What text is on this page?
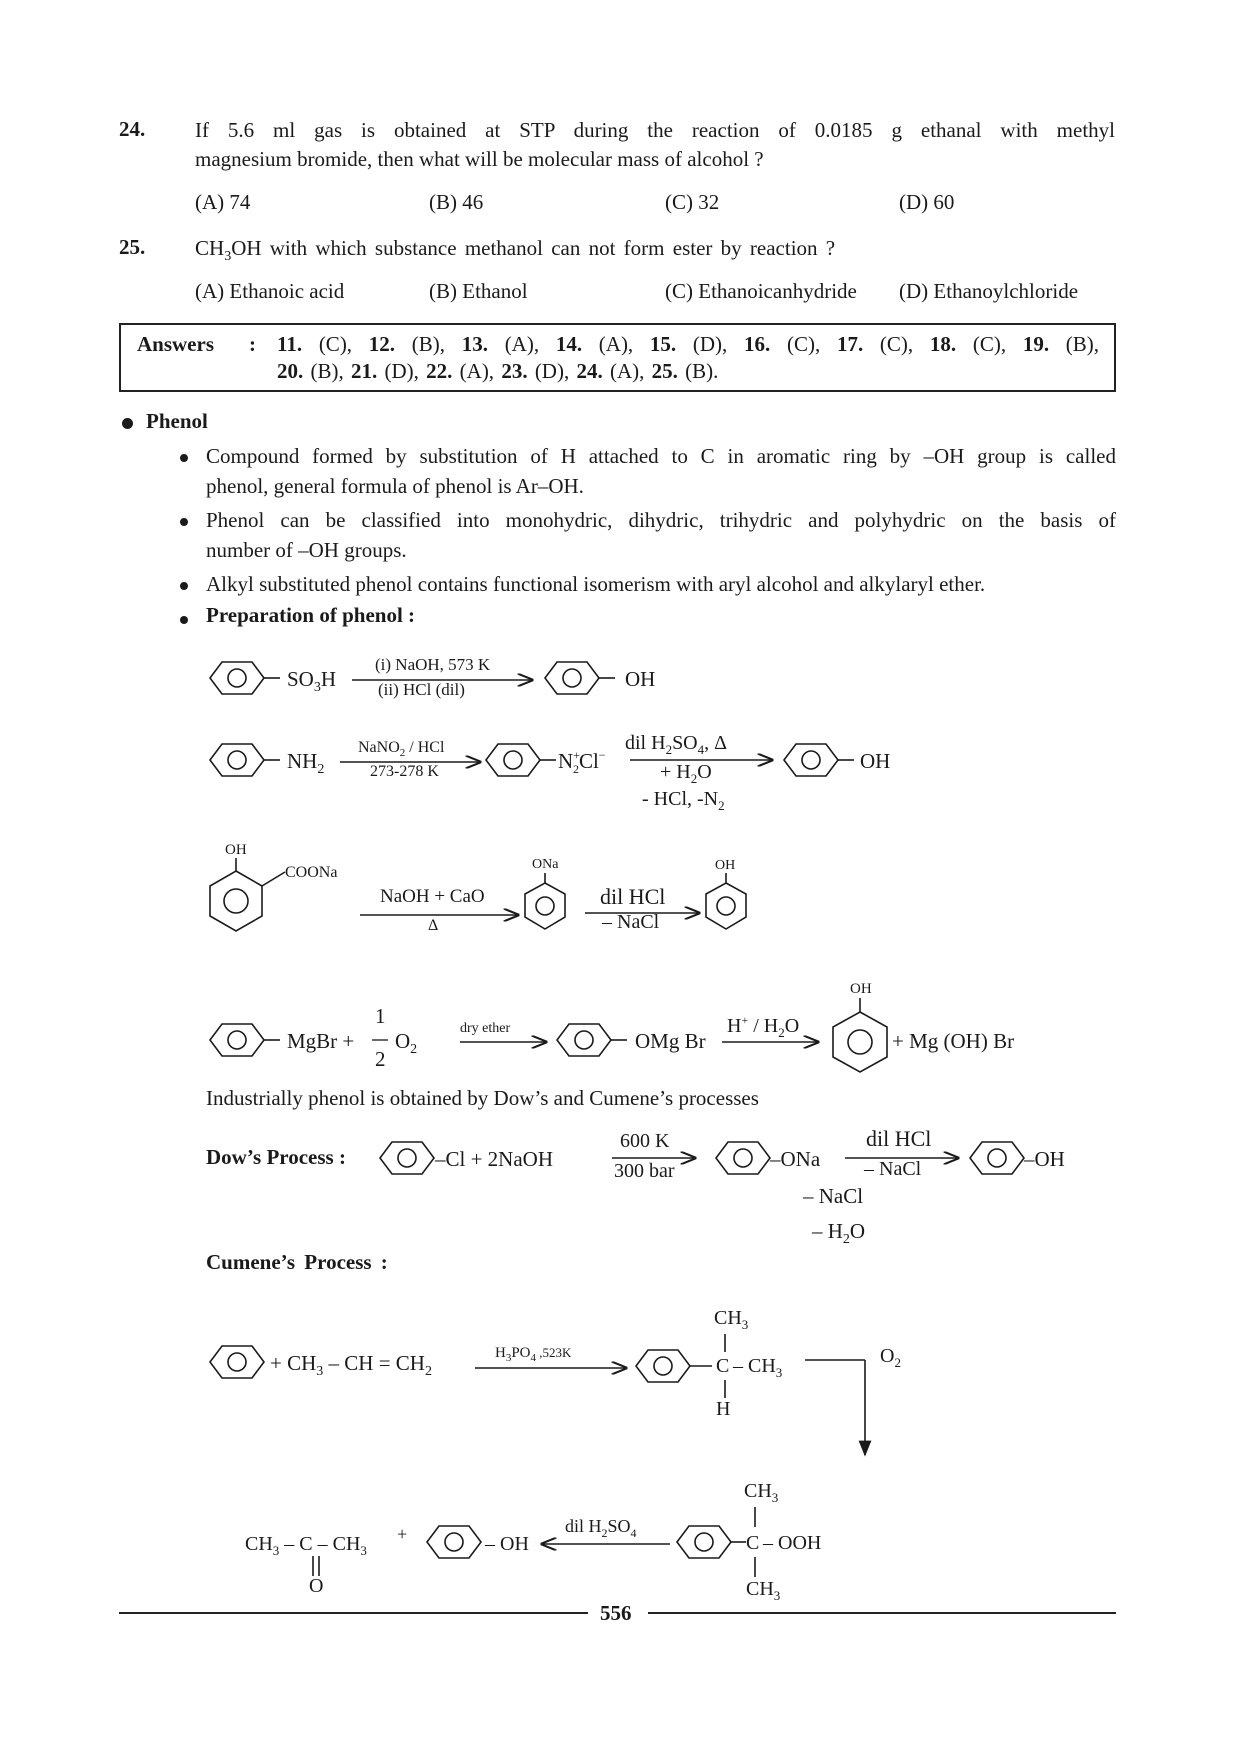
24. If 5.6 ml gas is obtained at STP during the reaction of 0.0185 g ethanal with methyl
magnesium bromide, then what will be molecular mass of alcohol ?
(A) 74	(B) 46	(C) 32	(D) 60
25. $CH_3OH$ with which substance methanol can not form ester by reaction ?
(A) Ethanoic acid	(B) Ethanol	(C) Ethanoicanhydride (D) Ethanoylchloride
Answers : 11. (C), 12. (B), 13. (A), 14. (A), 15. (D), 16. (C), 17. (C), 18. (C), 19. (B),
20. (B), 21. (D), 22. (A), 23. (D), 24. (A), 25. (B).
Phenol
Compound formed by substitution of H attached to C in aromatic ring by –OH group is called
phenol, general formula of phenol is Ar–OH.
Phenol can be classified into monohydric, dihydric, trihydric and polyhydric on the basis of
number of –OH groups.
Alkyl substituted phenol contains functional isomerism with aryl alcohol and alkylaryl ether.
Preparation of phenol :
$SO_3H$
(i) NaOH, 573 K
(ii) HCl (dil)	OH
$NH_2$
NaNO$_2$ / HCl
273-278 K	N+ 2Cl−
dil $H_2SO_4$, Δ
+ $H_2O$
- HCl, $-N_2$
OH
OH
COONa
NaOH + CaO
Δ
ONa
dil HCl
– NaCl
OH
MgBr +
1
2
$O_2$
dry ether
OMg Br
$H^+ / H_2O$
OH
+ Mg (OH) Br
–Cl + 2NaOH
600 K
300 bar	–ONa
dil HCl
– NaCl
– NaCl
– $H_2O$
–OH
+ $CH_3$ – CH = $CH_2$
$H_3PO_4$ ,523K
$CH_3$
C – $CH_3$
H
$O_2$
$CH_3$ – C – $CH_3$
O
+	– OH
dil $H_2SO_4$
$CH_3$
C – OOH
$CH_3$
Industrially phenol is obtained by Dow’s and Cumene’s processes
Dow’s Process :
Cumene’s Process :
556
